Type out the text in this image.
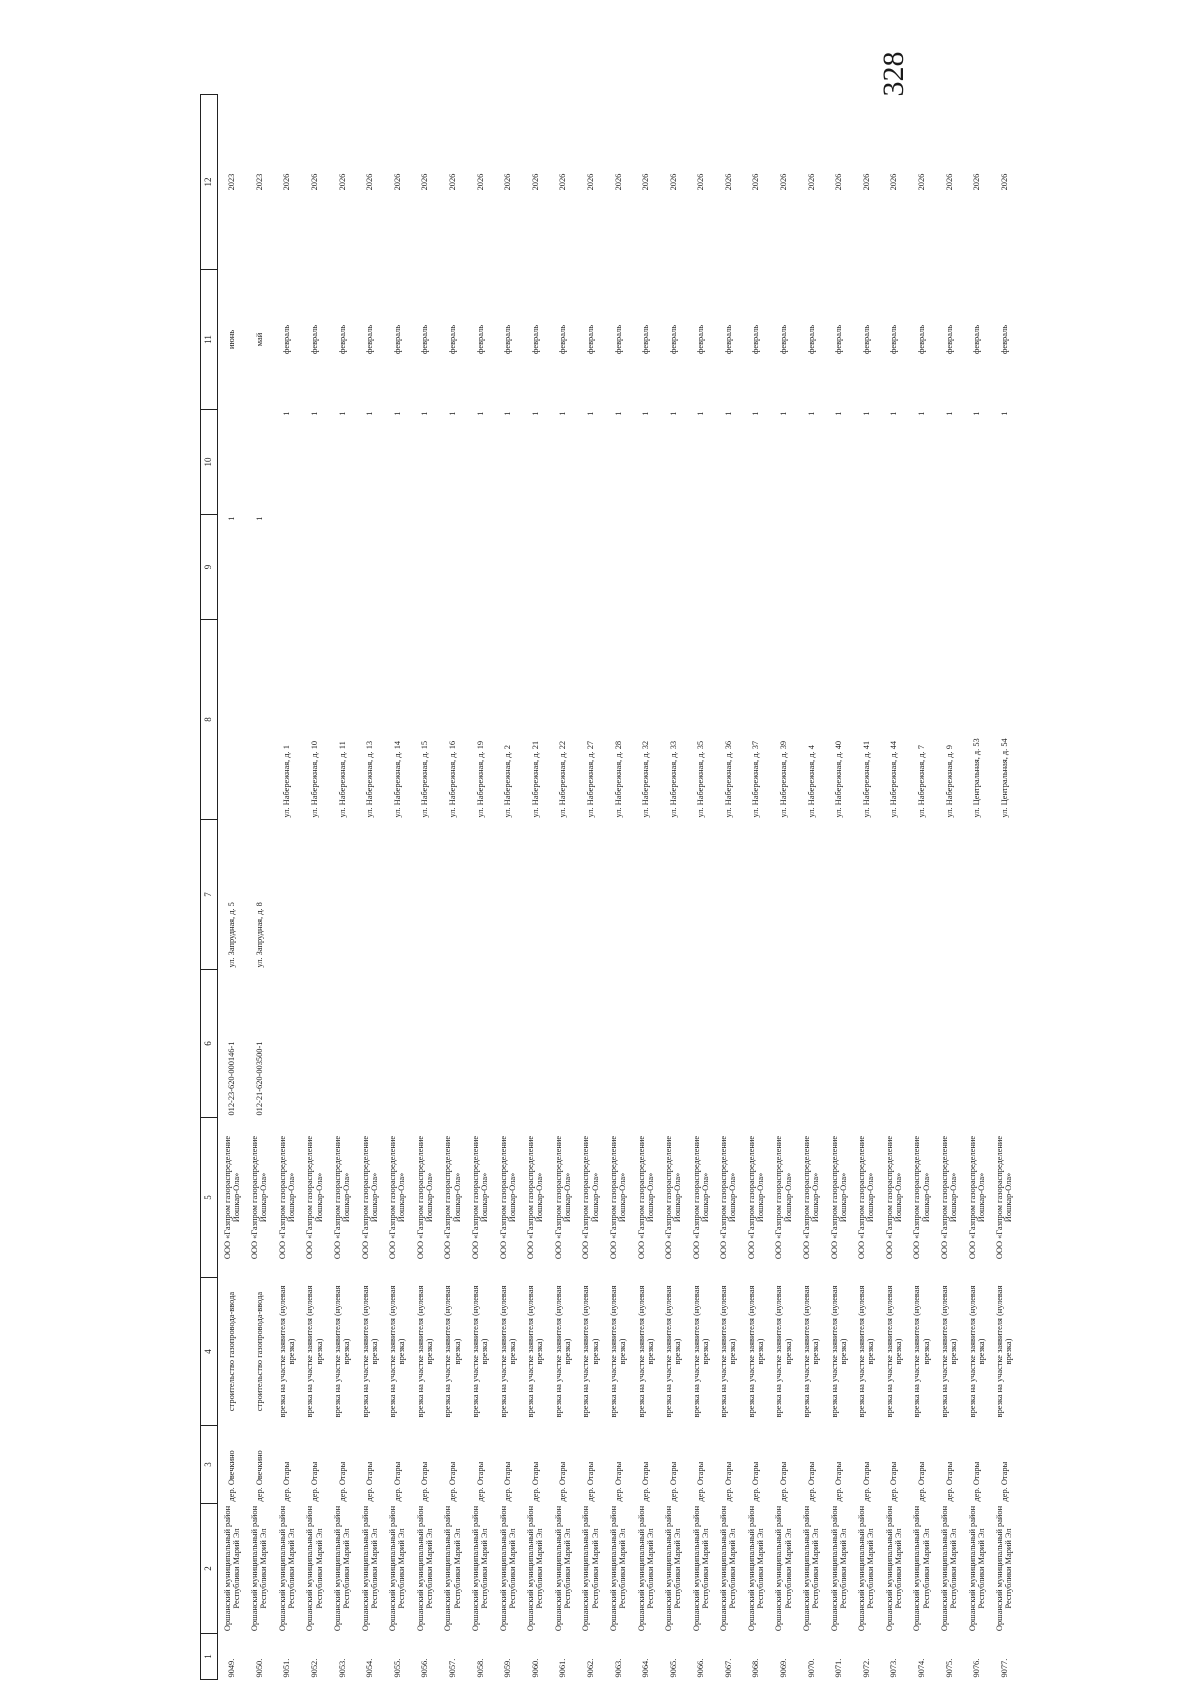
328
1	2	3	4	5	6	7	8	9	10	11	12
9049.	Оршанский муниципальный район Республики Марий Эл	дер. Овечкино	строительство газопровода-ввода	ООО «Газпром газораспределение Йошкар-Ола»	012-23-620-000146-1	ул. Запрудная, д. 5		1		июнь	2023
9050.	Оршанский муниципальный район Республики Марий Эл	дер. Овечкино	строительство газопровода-ввода	ООО «Газпром газораспределение Йошкар-Ола»	012-21-620-003500-1	ул. Запрудная, д. 8		1		май	2023
9051.	Оршанский муниципальный район Республики Марий Эл	дер. Отары	врезка на участке заявителя (нулевая врезка)	ООО «Газпром газораспределение Йошкар-Ола»			ул. Набережная, д. 1		1	февраль	2026
9052.	Оршанский муниципальный район Республики Марий Эл	дер. Отары	врезка на участке заявителя (нулевая врезка)	ООО «Газпром газораспределение Йошкар-Ола»			ул. Набережная, д. 10		1	февраль	2026
9053.	Оршанский муниципальный район Республики Марий Эл	дер. Отары	врезка на участке заявителя (нулевая врезка)	ООО «Газпром газораспределение Йошкар-Ола»			ул. Набережная, д. 11		1	февраль	2026
9054.	Оршанский муниципальный район Республики Марий Эл	дер. Отары	врезка на участке заявителя (нулевая врезка)	ООО «Газпром газораспределение Йошкар-Ола»			ул. Набережная, д. 13		1	февраль	2026
9055.	Оршанский муниципальный район Республики Марий Эл	дер. Отары	врезка на участке заявителя (нулевая врезка)	ООО «Газпром газораспределение Йошкар-Ола»			ул. Набережная, д. 14		1	февраль	2026
9056.	Оршанский муниципальный район Республики Марий Эл	дер. Отары	врезка на участке заявителя (нулевая врезка)	ООО «Газпром газораспределение Йошкар-Ола»			ул. Набережная, д. 15		1	февраль	2026
9057.	Оршанский муниципальный район Республики Марий Эл	дер. Отары	врезка на участке заявителя (нулевая врезка)	ООО «Газпром газораспределение Йошкар-Ола»			ул. Набережная, д. 16		1	февраль	2026
9058.	Оршанский муниципальный район Республики Марий Эл	дер. Отары	врезка на участке заявителя (нулевая врезка)	ООО «Газпром газораспределение Йошкар-Ола»			ул. Набережная, д. 19		1	февраль	2026
9059.	Оршанский муниципальный район Республики Марий Эл	дер. Отары	врезка на участке заявителя (нулевая врезка)	ООО «Газпром газораспределение Йошкар-Ола»			ул. Набережная, д. 2		1	февраль	2026
9060.	Оршанский муниципальный район Республики Марий Эл	дер. Отары	врезка на участке заявителя (нулевая врезка)	ООО «Газпром газораспределение Йошкар-Ола»			ул. Набережная, д. 21		1	февраль	2026
9061.	Оршанский муниципальный район Республики Марий Эл	дер. Отары	врезка на участке заявителя (нулевая врезка)	ООО «Газпром газораспределение Йошкар-Ола»			ул. Набережная, д. 22		1	февраль	2026
9062.	Оршанский муниципальный район Республики Марий Эл	дер. Отары	врезка на участке заявителя (нулевая врезка)	ООО «Газпром газораспределение Йошкар-Ола»			ул. Набережная, д. 27		1	февраль	2026
9063.	Оршанский муниципальный район Республики Марий Эл	дер. Отары	врезка на участке заявителя (нулевая врезка)	ООО «Газпром газораспределение Йошкар-Ола»			ул. Набережная, д. 28		1	февраль	2026
9064.	Оршанский муниципальный район Республики Марий Эл	дер. Отары	врезка на участке заявителя (нулевая врезка)	ООО «Газпром газораспределение Йошкар-Ола»			ул. Набережная, д. 32		1	февраль	2026
9065.	Оршанский муниципальный район Республики Марий Эл	дер. Отары	врезка на участке заявителя (нулевая врезка)	ООО «Газпром газораспределение Йошкар-Ола»			ул. Набережная, д. 33		1	февраль	2026
9066.	Оршанский муниципальный район Республики Марий Эл	дер. Отары	врезка на участке заявителя (нулевая врезка)	ООО «Газпром газораспределение Йошкар-Ола»			ул. Набережная, д. 35		1	февраль	2026
9067.	Оршанский муниципальный район Республики Марий Эл	дер. Отары	врезка на участке заявителя (нулевая врезка)	ООО «Газпром газораспределение Йошкар-Ола»			ул. Набережная, д. 36		1	февраль	2026
9068.	Оршанский муниципальный район Республики Марий Эл	дер. Отары	врезка на участке заявителя (нулевая врезка)	ООО «Газпром газораспределение Йошкар-Ола»			ул. Набережная, д. 37		1	февраль	2026
9069.	Оршанский муниципальный район Республики Марий Эл	дер. Отары	врезка на участке заявителя (нулевая врезка)	ООО «Газпром газораспределение Йошкар-Ола»			ул. Набережная, д. 39		1	февраль	2026
9070.	Оршанский муниципальный район Республики Марий Эл	дер. Отары	врезка на участке заявителя (нулевая врезка)	ООО «Газпром газораспределение Йошкар-Ола»			ул. Набережная, д. 4		1	февраль	2026
9071.	Оршанский муниципальный район Республики Марий Эл	дер. Отары	врезка на участке заявителя (нулевая врезка)	ООО «Газпром газораспределение Йошкар-Ола»			ул. Набережная, д. 40		1	февраль	2026
9072.	Оршанский муниципальный район Республики Марий Эл	дер. Отары	врезка на участке заявителя (нулевая врезка)	ООО «Газпром газораспределение Йошкар-Ола»			ул. Набережная, д. 41		1	февраль	2026
9073.	Оршанский муниципальный район Республики Марий Эл	дер. Отары	врезка на участке заявителя (нулевая врезка)	ООО «Газпром газораспределение Йошкар-Ола»			ул. Набережная, д. 44		1	февраль	2026
9074.	Оршанский муниципальный район Республики Марий Эл	дер. Отары	врезка на участке заявителя (нулевая врезка)	ООО «Газпром газораспределение Йошкар-Ола»			ул. Набережная, д. 7		1	февраль	2026
9075.	Оршанский муниципальный район Республики Марий Эл	дер. Отары	врезка на участке заявителя (нулевая врезка)	ООО «Газпром газораспределение Йошкар-Ола»			ул. Набережная, д. 9		1	февраль	2026
9076.	Оршанский муниципальный район Республики Марий Эл	дер. Отары	врезка на участке заявителя (нулевая врезка)	ООО «Газпром газораспределение Йошкар-Ола»			ул. Центральная, д. 53		1	февраль	2026
9077.	Оршанский муниципальный район Республики Марий Эл	дер. Отары	врезка на участке заявителя (нулевая врезка)	ООО «Газпром газораспределение Йошкар-Ола»			ул. Центральная, д. 54		1	февраль	2026
